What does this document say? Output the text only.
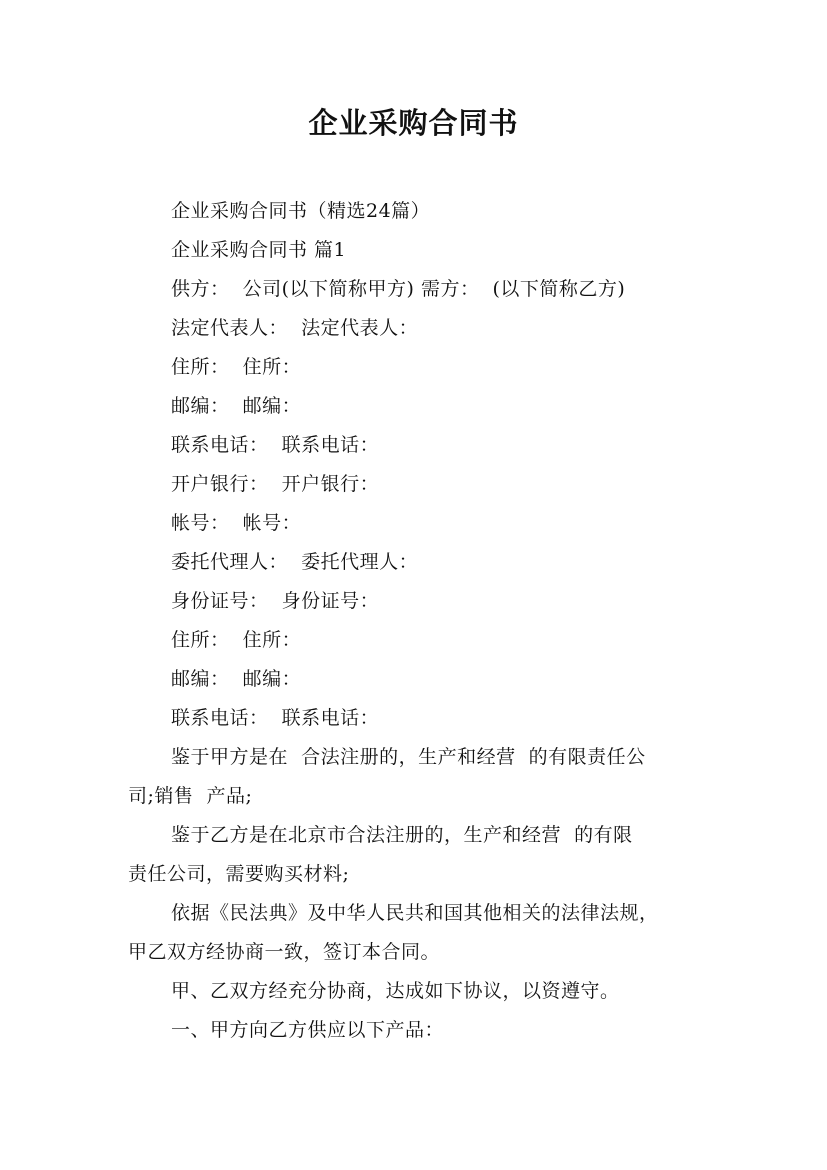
企业采购合同书
企业采购合同书（精选24篇）
企业采购合同书 篇1
供方：  公司(以下简称甲方) 需方：  (以下简称乙方)
法定代表人：  法定代表人：
住所：  住所：
邮编：  邮编：
联系电话：  联系电话：
开户银行：  开户银行：
帐号：  帐号：
委托代理人：  委托代理人：
身份证号：  身份证号：
住所：  住所：
邮编：  邮编：
联系电话：  联系电话：
鉴于甲方是在  合法注册的，生产和经营  的有限责任公
司;销售  产品;
鉴于乙方是在北京市合法注册的，生产和经营  的有限
责任公司，需要购买材料;
依据《民法典》及中华人民共和国其他相关的法律法规，
甲乙双方经协商一致，签订本合同。
甲、乙双方经充分协商，达成如下协议，以资遵守。
一、甲方向乙方供应以下产品：
